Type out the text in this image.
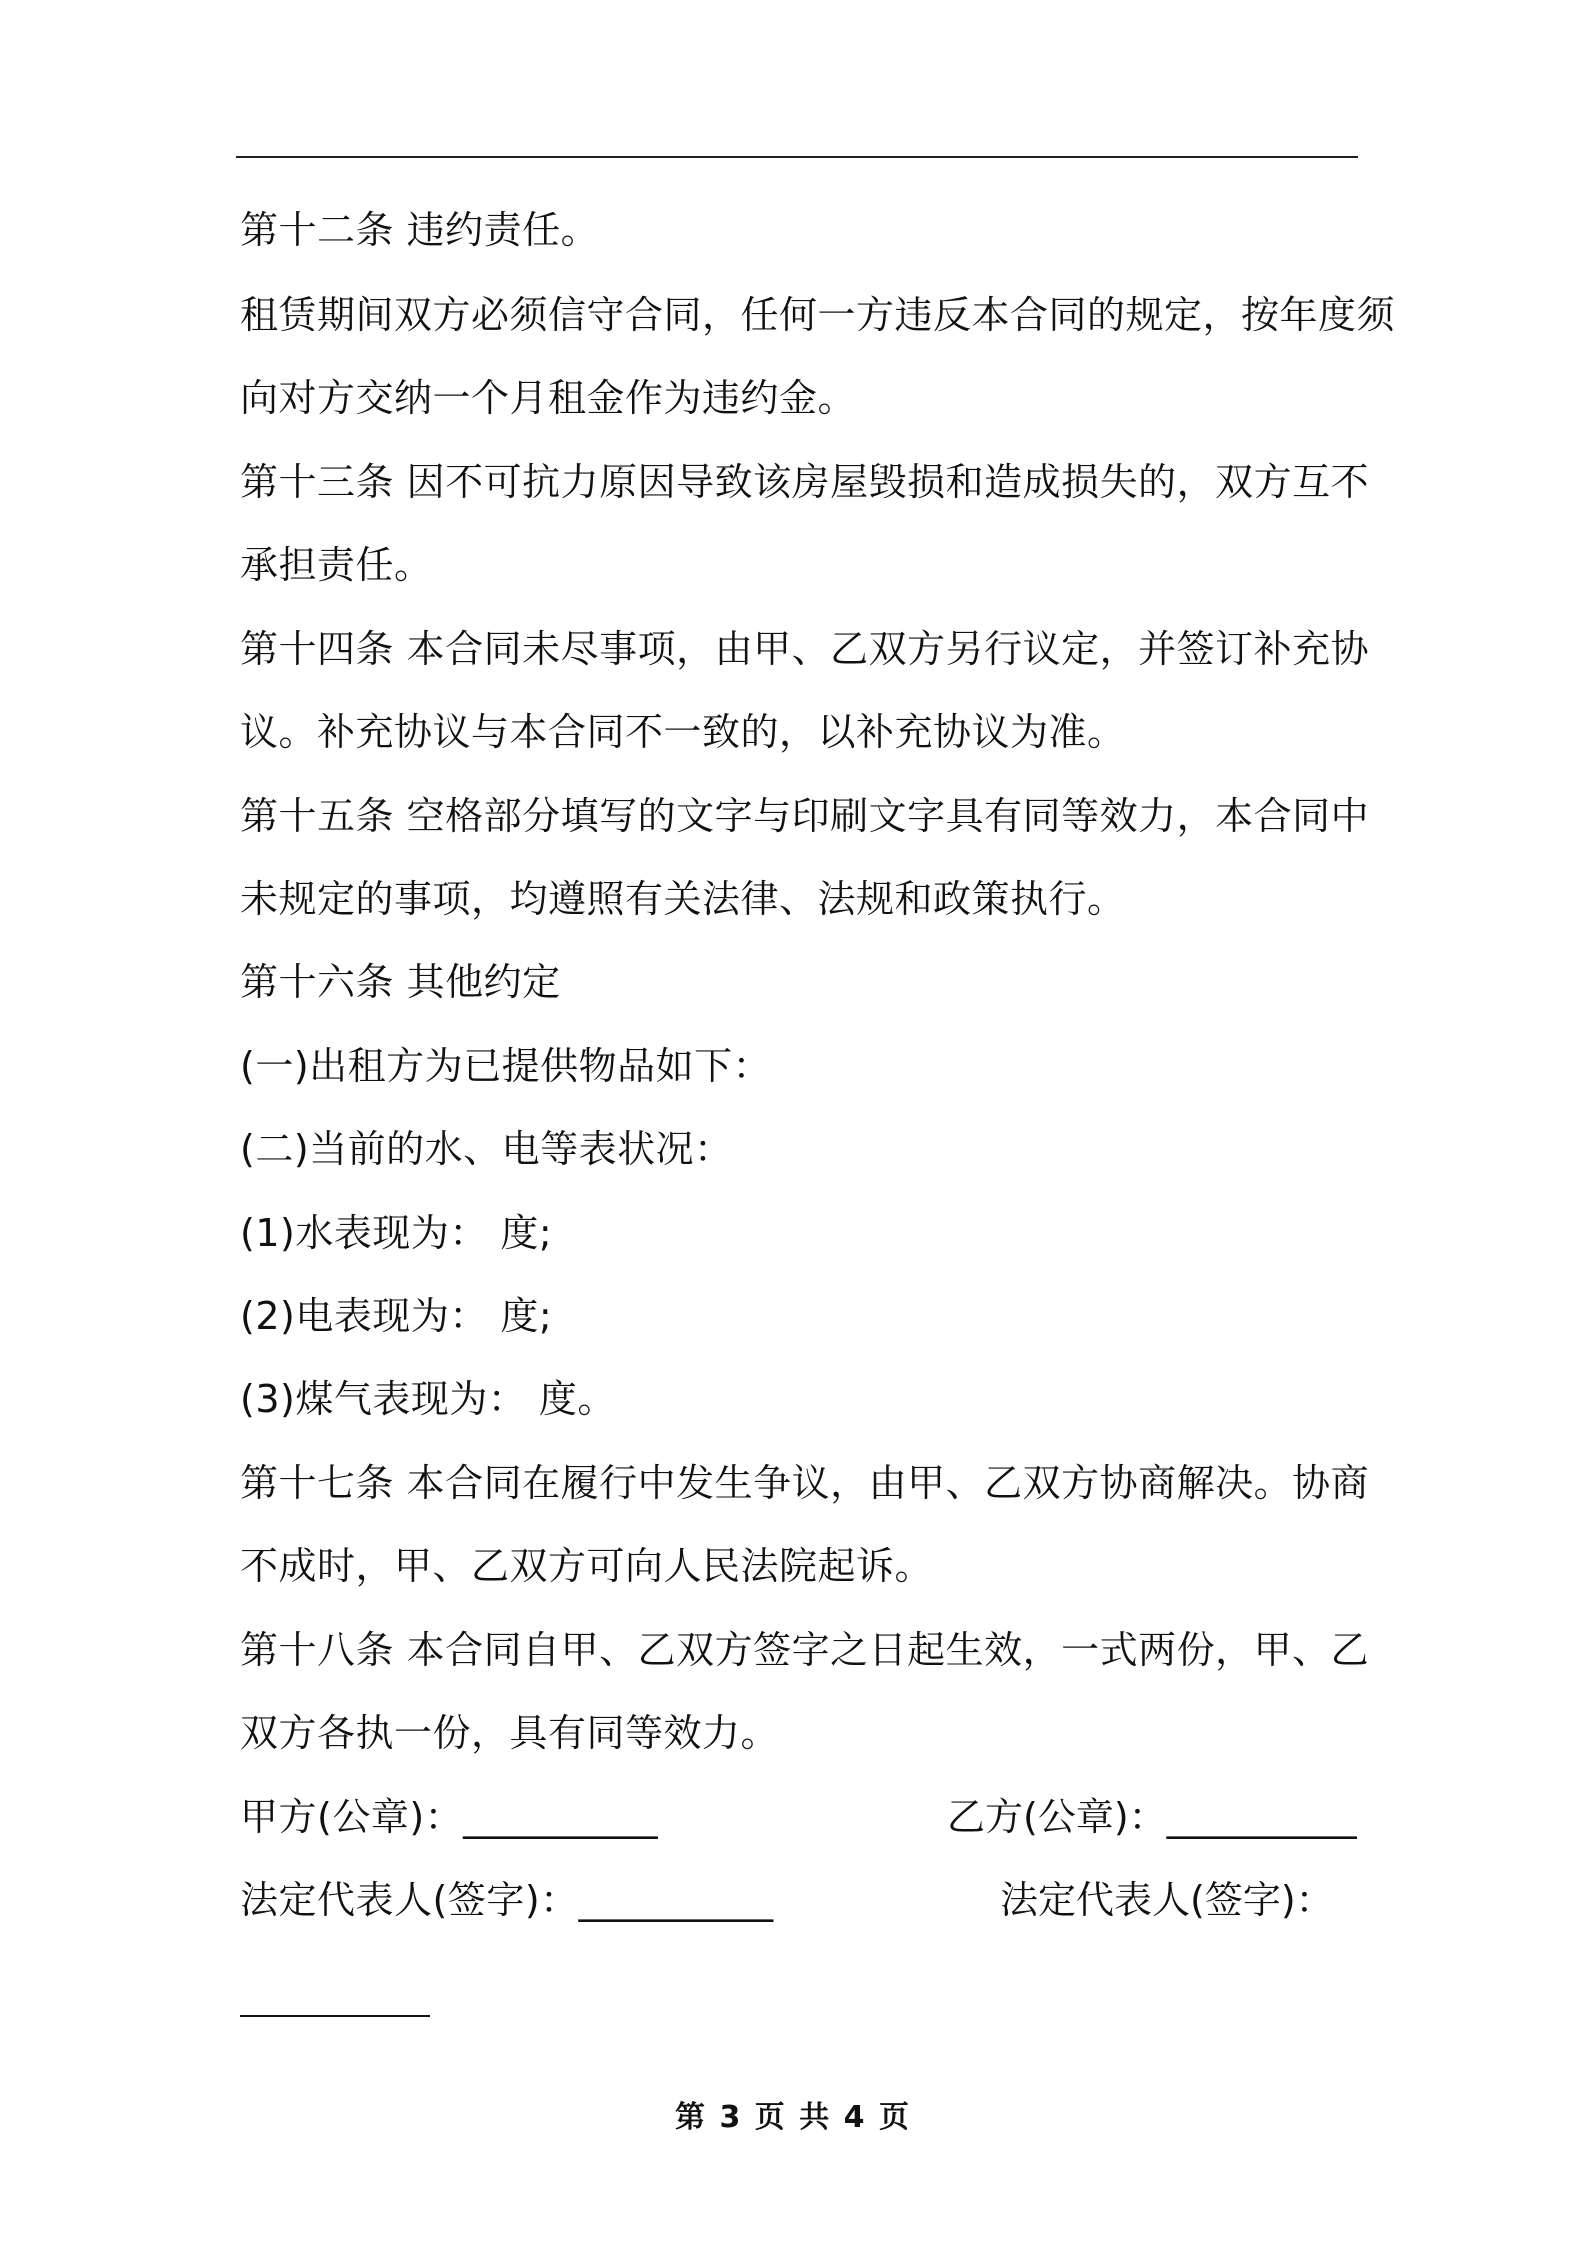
第十二条 违约责任。
租赁期间双方必须信守合同，任何一方违反本合同的规定，按年度须
向对方交纳一个月租金作为违约金。
第十三条 因不可抗力原因导致该房屋毁损和造成损失的，双方互不
承担责任。
第十四条 本合同未尽事项，由甲、乙双方另行议定，并签订补充协
议。补充协议与本合同不一致的，以补充协议为准。
第十五条 空格部分填写的文字与印刷文字具有同等效力，本合同中
未规定的事项，均遵照有关法律、法规和政策执行。
第十六条 其他约定
(一)出租方为已提供物品如下：
(二)当前的水、电等表状况：
(1)水表现为： 度;
(2)电表现为： 度;
(3)煤气表现为： 度。
第十七条 本合同在履行中发生争议，由甲、乙双方协商解决。协商
不成时，甲、乙双方可向人民法院起诉。
第十八条 本合同自甲、乙双方签字之日起生效，一式两份，甲、乙
双方各执一份，具有同等效力。
甲方(公章)：__________	乙方(公章)：__________
法定代表人(签字)：__________	法定代表人(签字)：
第 3 页 共 4 页
